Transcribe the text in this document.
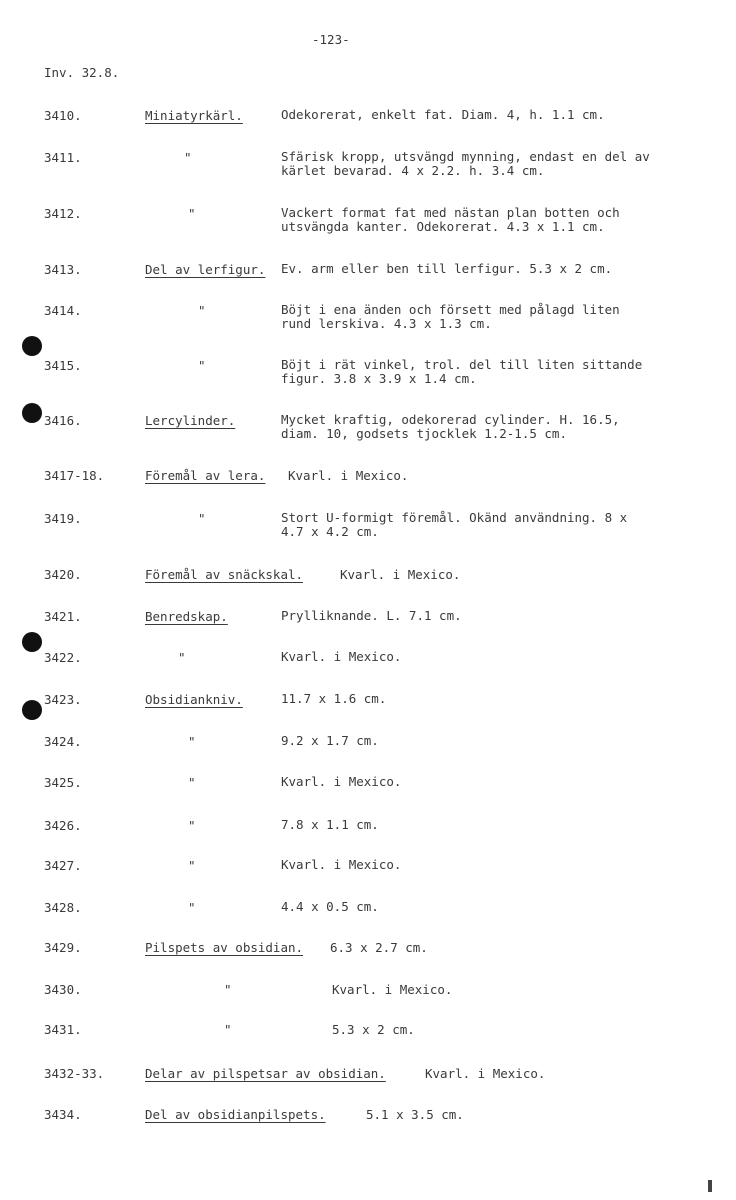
-123-
Inv. 32.8.
3410.	Miniatyrkärl.	Odekorerat, enkelt fat. Diam. 4, h. 1.1 cm.
3411.	"	Sfärisk kropp, utsvängd mynning, endast en del av
kärlet bevarad. 4 x 2.2. h. 3.4 cm.
3412.	"	Vackert format fat med nästan plan botten och
utsvängda kanter. Odekorerat. 4.3 x 1.1 cm.
3413.	Del av lerfigur. Ev. arm eller ben till lerfigur. 5.3 x 2 cm.
3414.	"	Böjt i ena änden och försett med pålagd liten
rund lerskiva. 4.3 x 1.3 cm.
3415.	"	Böjt i rät vinkel, trol. del till liten sittande
figur. 3.8 x 3.9 x 1.4 cm.
3416.	Lercylinder.	Mycket kraftig, odekorerad cylinder. H. 16.5,
diam. 10, godsets tjocklek 1.2-1.5 cm.
3417-18.	Föremål av lera. Kvarl. i Mexico.
3419.	"	Stort U-formigt föremål. Okänd användning. 8 x
4.7 x 4.2 cm.
3420.	Föremål av snäckskal.	Kvarl. i Mexico.
3421.	Benredskap.	Prylliknande. L. 7.1 cm.
3422.	"	Kvarl. i Mexico.
3423.	Obsidiankniv.	11.7 x 1.6 cm.
3424.	"	9.2 x 1.7 cm.
3425.	"	Kvarl. i Mexico.
3426.	"	7.8 x 1.1 cm.
3427.	"	Kvarl. i Mexico.
3428.	"	4.4 x 0.5 cm.
3429.	Pilspets av obsidian. 6.3 x 2.7 cm.
3430.	"	Kvarl. i Mexico.
3431.	"	5.3 x 2 cm.
3432-33.	Delar av pilspetsar av obsidian.	Kvarl. i Mexico.
3434.	Del av obsidianpilspets.	5.1 x 3.5 cm.
